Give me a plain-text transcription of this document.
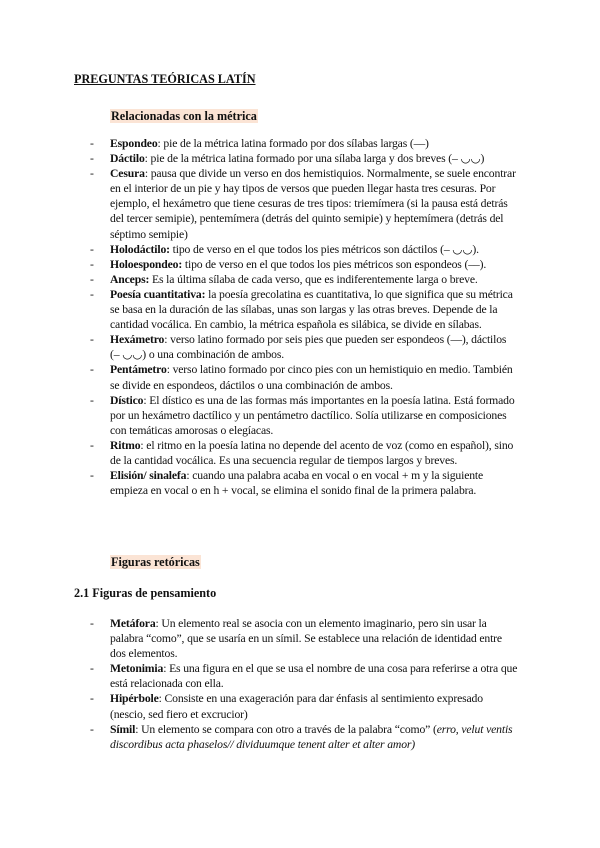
PREGUNTAS TEÓRICAS LATÍN

Relacionadas con la métrica

- Espondeo: pie de la métrica latina formado por dos sílabas largas (––)
- Dáctilo: pie de la métrica latina formado por una sílaba larga y dos breves (– ◡◡)
- Cesura: pausa que divide un verso en dos hemistiquios. Normalmente, se suele encontrar en el interior de un pie y hay tipos de versos que pueden llegar hasta tres cesuras. Por ejemplo, el hexámetro que tiene cesuras de tres tipos: triemímera (si la pausa está detrás del tercer semipie), pentemímera (detrás del quinto semipie) y heptemímera (detrás del séptimo semipie)
- Holodáctilo: tipo de verso en el que todos los pies métricos son dáctilos (– ◡◡).
- Holoespondeo: tipo de verso en el que todos los pies métricos son espondeos (––).
- Anceps: Es la última sílaba de cada verso, que es indiferentemente larga o breve.
- Poesía cuantitativa: la poesía grecolatina es cuantitativa, lo que significa que su métrica se basa en la duración de las sílabas, unas son largas y las otras breves. Depende de la cantidad vocálica. En cambio, la métrica española es silábica, se divide en sílabas.
- Hexámetro: verso latino formado por seis pies que pueden ser espondeos (––), dáctilos (– ◡◡) o una combinación de ambos.
- Pentámetro: verso latino formado por cinco pies con un hemistiquio en medio. También se divide en espondeos, dáctilos o una combinación de ambos.
- Dístico: El dístico es una de las formas más importantes en la poesía latina. Está formado por un hexámetro dactílico y un pentámetro dactílico. Solía utilizarse en composiciones con temáticas amorosas o elegíacas.
- Ritmo: el ritmo en la poesía latina no depende del acento de voz (como en español), sino de la cantidad vocálica. Es una secuencia regular de tiempos largos y breves.
- Elisión/ sinalefa: cuando una palabra acaba en vocal o en vocal + m y la siguiente empieza en vocal o en h + vocal, se elimina el sonido final de la primera palabra.

Figuras retóricas

2.1 Figuras de pensamiento

- Metáfora: Un elemento real se asocia con un elemento imaginario, pero sin usar la palabra “como”, que se usaría en un símil. Se establece una relación de identidad entre dos elementos.
- Metonimia: Es una figura en el que se usa el nombre de una cosa para referirse a otra que está relacionada con ella.
- Hipérbole: Consiste en una exageración para dar énfasis al sentimiento expresado (nescio, sed fiero et excrucior)
- Símil: Un elemento se compara con otro a través de la palabra “como” (erro, velut ventis discordibus acta phaselos// dividuumque tenent alter et alter amor)
